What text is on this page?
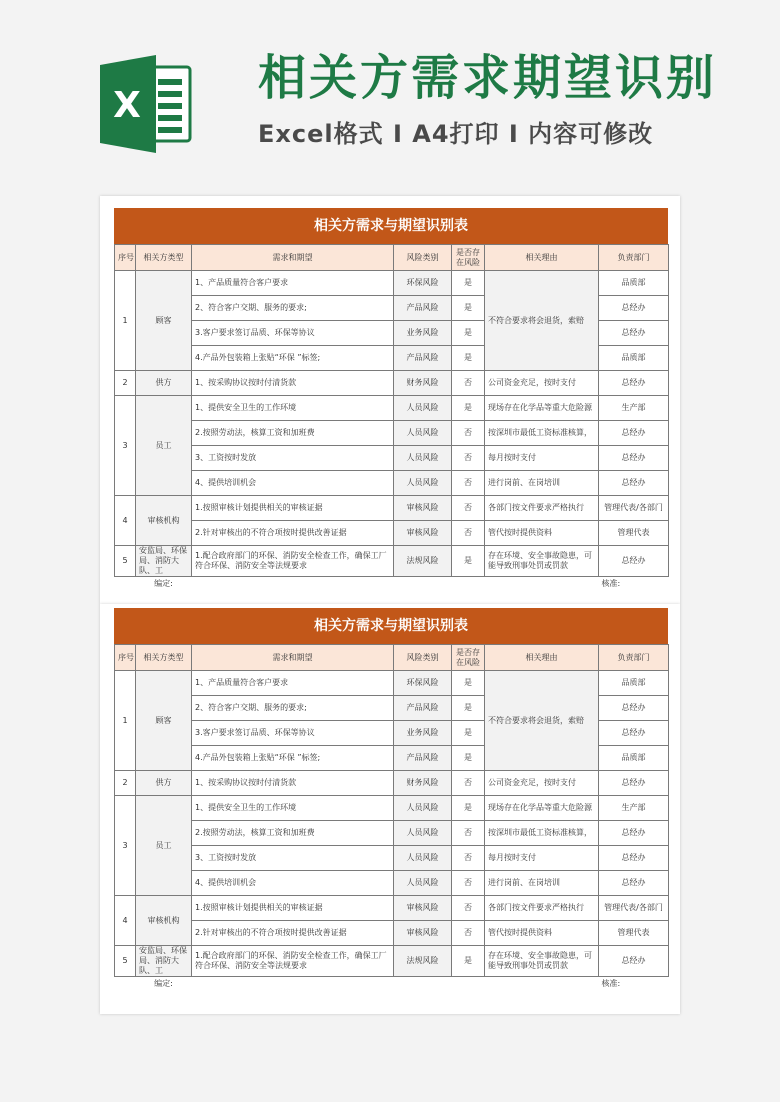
X 相关方需求期望识别
Excel格式 I A4打印 I 内容可修改
相关方需求与期望识别表
序号	相关方类型	需求和期望	风险类别	是否存在风险	相关理由	负责部门
1	顾客	1、产品质量符合客户要求	环保风险	是	不符合要求将会退货，索赔	品质部
		2、符合客户交期、服务的要求;	产品风险	是		总经办
		3.客户要求签订品质、环保等协议	业务风险	是		总经办
		4.产品外包装箱上张贴“环保 ”标签;	产品风险	是		品质部
2	供方	1、按采购协议按时付清货款	财务风险	否	公司资金充足，按时支付	总经办
3	员工	1、提供安全卫生的工作环境	人员风险	是	现场存在化学品等重大危险源	生产部
		2.按照劳动法，核算工资和加班费	人员风险	否	按深圳市最低工资标准核算，	总经办
		3、工资按时发放	人员风险	否	每月按时支付	总经办
		4、提供培训机会	人员风险	否	进行岗前、在岗培训	总经办
4	审核机构	1.按照审核计划提供相关的审核证据	审核风险	否	各部门按文件要求严格执行	管理代表/各部门
		2.针对审核出的不符合项按时提供改善证据	审核风险	否	管代按时提供资料	管理代表
5	安监局、环保局、消防大队、工	1.配合政府部门的环保、消防安全检查工作，确保工厂符合环保、消防安全等法规要求	法规风险	是	存在环境、安全事故隐患，可能导致刑事处罚或罚款	总经办
	编定:					核准:
相关方需求与期望识别表
序号	相关方类型	需求和期望	风险类别	是否存在风险	相关理由	负责部门
1	顾客	1、产品质量符合客户要求	环保风险	是	不符合要求将会退货，索赔	品质部
		2、符合客户交期、服务的要求;	产品风险	是		总经办
		3.客户要求签订品质、环保等协议	业务风险	是		总经办
		4.产品外包装箱上张贴“环保 ”标签;	产品风险	是		品质部
2	供方	1、按采购协议按时付清货款	财务风险	否	公司资金充足，按时支付	总经办
3	员工	1、提供安全卫生的工作环境	人员风险	是	现场存在化学品等重大危险源	生产部
		2.按照劳动法，核算工资和加班费	人员风险	否	按深圳市最低工资标准核算，	总经办
		3、工资按时发放	人员风险	否	每月按时支付	总经办
		4、提供培训机会	人员风险	否	进行岗前、在岗培训	总经办
4	审核机构	1.按照审核计划提供相关的审核证据	审核风险	否	各部门按文件要求严格执行	管理代表/各部门
		2.针对审核出的不符合项按时提供改善证据	审核风险	否	管代按时提供资料	管理代表
5	安监局、环保局、消防大队、工	1.配合政府部门的环保、消防安全检查工作，确保工厂符合环保、消防安全等法规要求	法规风险	是	存在环境、安全事故隐患，可能导致刑事处罚或罚款	总经办
	编定:					核准:
